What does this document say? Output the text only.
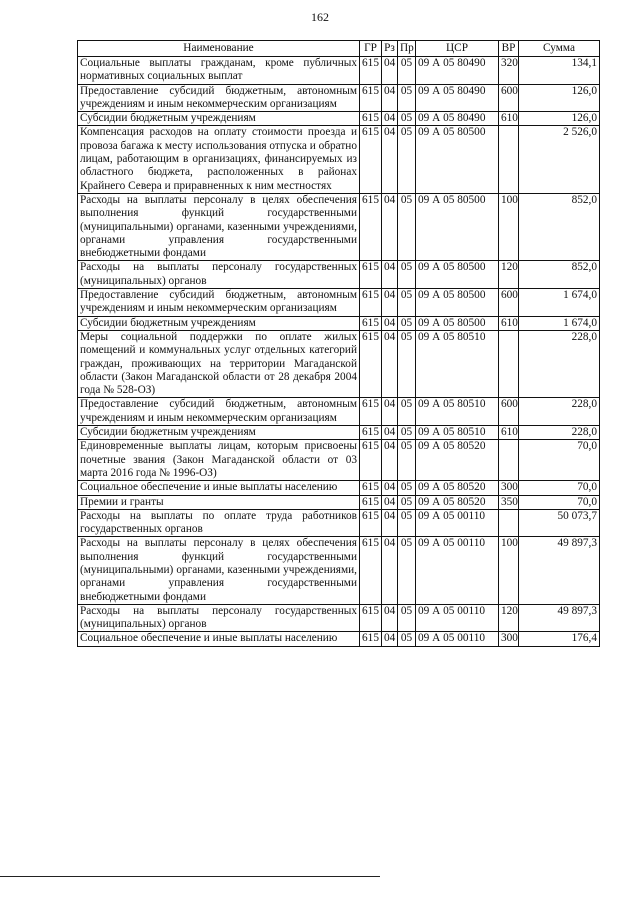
162
Наименование	ГР	Рз	Пр	ЦСР	ВР	Сумма
Социальные выплаты гражданам, кроме публичных нормативных социальных выплат	615	04	05	09 А 05 80490	320	134,1
Предоставление субсидий бюджетным, автономным учреждениям и иным некоммерческим организациям	615	04	05	09 А 05 80490	600	126,0
Субсидии бюджетным учреждениям	615	04	05	09 А 05 80490	610	126,0
Компенсация расходов на оплату стоимости проезда и провоза багажа к месту использования отпуска и обратно лицам, работающим в организациях, финансируемых из областного бюджета, расположенных в районах Крайнего Севера и приравненных к ним местностях	615	04	05	09 А 05 80500		2 526,0
Расходы на выплаты персоналу в целях обеспечения выполнения функций государственными (муниципальными) органами, казенными учреждениями, органами управления государственными внебюджетными фондами	615	04	05	09 А 05 80500	100	852,0
Расходы на выплаты персоналу государственных (муниципальных) органов	615	04	05	09 А 05 80500	120	852,0
Предоставление субсидий бюджетным, автономным учреждениям и иным некоммерческим организациям	615	04	05	09 А 05 80500	600	1 674,0
Субсидии бюджетным учреждениям	615	04	05	09 А 05 80500	610	1 674,0
Меры социальной поддержки по оплате жилых помещений и коммунальных услуг отдельных категорий граждан, проживающих на территории Магаданской области (Закон Магаданской области от 28 декабря 2004 года № 528-ОЗ)	615	04	05	09 А 05 80510		228,0
Предоставление субсидий бюджетным, автономным учреждениям и иным некоммерческим организациям	615	04	05	09 А 05 80510	600	228,0
Субсидии бюджетным учреждениям	615	04	05	09 А 05 80510	610	228,0
Единовременные выплаты лицам, которым присвоены почетные звания (Закон Магаданской области от 03 марта 2016 года № 1996-ОЗ)	615	04	05	09 А 05 80520		70,0
Социальное обеспечение и иные выплаты населению	615	04	05	09 А 05 80520	300	70,0
Премии и гранты	615	04	05	09 А 05 80520	350	70,0
Расходы на выплаты по оплате труда работников государственных органов	615	04	05	09 А 05 00110		50 073,7
Расходы на выплаты персоналу в целях обеспечения выполнения функций государственными (муниципальными) органами, казенными учреждениями, органами управления государственными внебюджетными фондами	615	04	05	09 А 05 00110	100	49 897,3
Расходы на выплаты персоналу государственных (муниципальных) органов	615	04	05	09 А 05 00110	120	49 897,3
Социальное обеспечение и иные выплаты населению	615	04	05	09 А 05 00110	300	176,4
